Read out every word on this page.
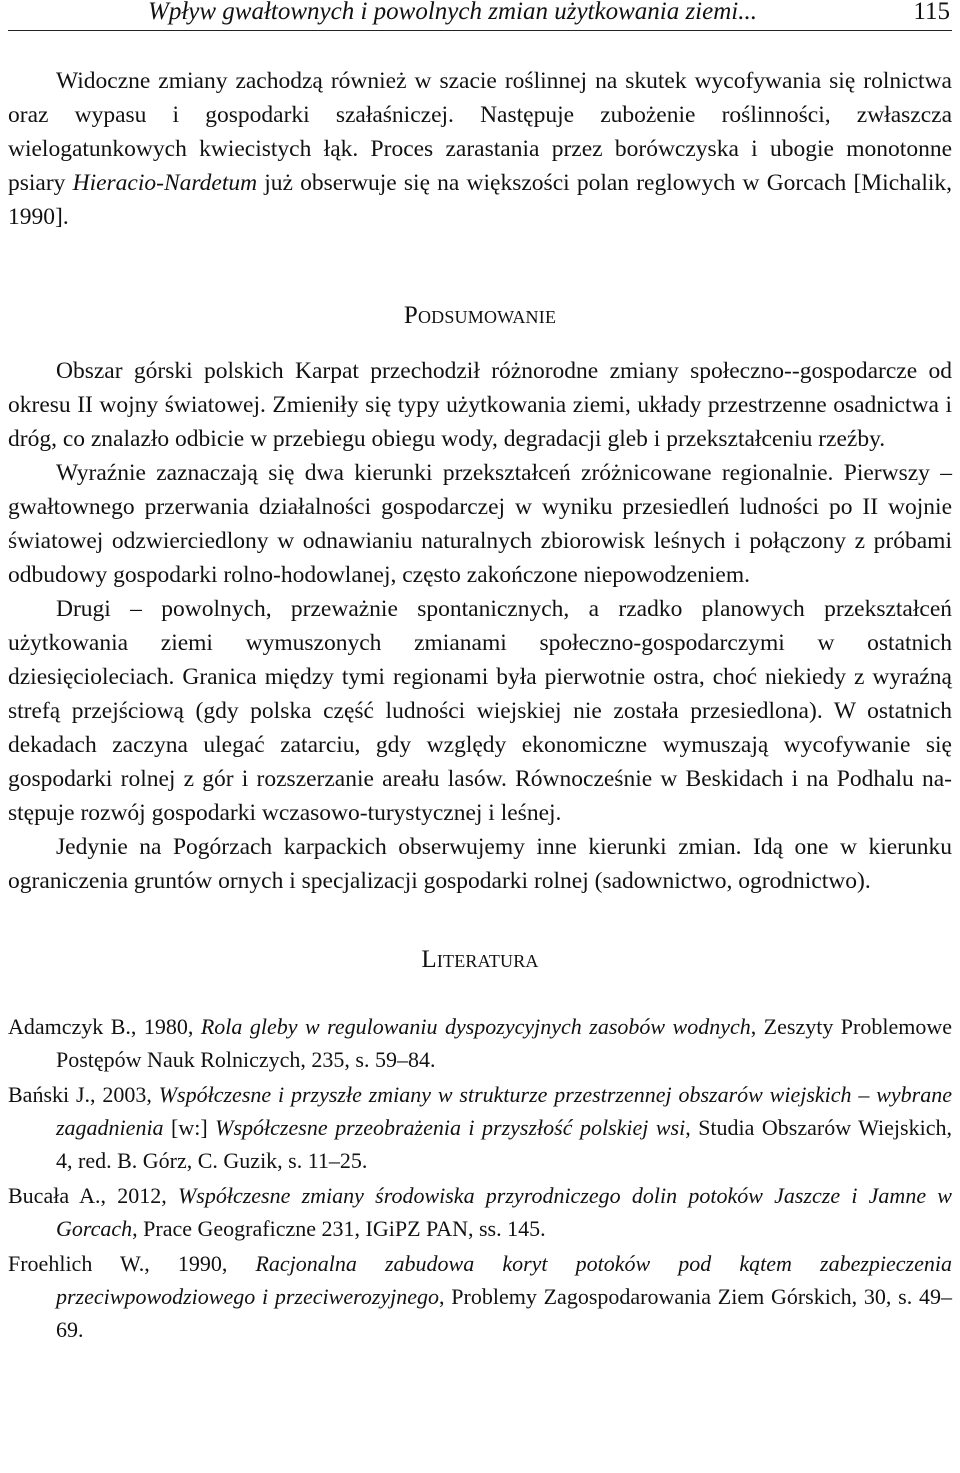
Wpływ gwałtownych i powolnych zmian użytkowania ziemi...	115

Widoczne zmiany zachodzą również w szacie roślinnej na skutek wycofywania się rolnictwa oraz wypasu i gospodarki szałaśniczej. Następuje zubożenie roślinności, zwłaszcza wielogatunkowych kwiecistych łąk. Proces zarastania przez borówczyska i ubogie monotonne psiary Hieracio-Nardetum już obserwuje się na większości polan reglowych w Gorcach [Michalik, 1990].

Podsumowanie

Obszar górski polskich Karpat przechodził różnorodne zmiany społeczno--gospodarcze od okresu II wojny światowej. Zmieniły się typy użytkowania ziemi, układy przestrzenne osadnictwa i dróg, co znalazło odbicie w przebiegu obiegu wody, degradacji gleb i przekształceniu rzeźby.

Wyraźnie zaznaczają się dwa kierunki przekształceń zróżnicowane regionalnie. Pierwszy – gwałtownego przerwania działalności gospodarczej w wyniku przesiedleń ludności po II wojnie światowej odzwierciedlony w odnawianiu naturalnych zbiorowisk leśnych i połączony z próbami odbudowy gospodarki rolno-hodowlanej, często zakończone niepowodzeniem.

Drugi – powolnych, przeważnie spontanicznych, a rzadko planowych przekształceń użytkowania ziemi wymuszonych zmianami społeczno-gospodarczymi w ostatnich dziesięcioleciach. Granica między tymi regionami była pierwotnie ostra, choć niekiedy z wyraźną strefą przejściową (gdy polska część ludności wiejskiej nie została przesiedlona). W ostatnich dekadach zaczyna ulegać zatarciu, gdy względy ekonomiczne wymuszają wycofywanie się gospodarki rolnej z gór i rozszerzanie areału lasów. Równocześnie w Beskidach i na Podhalu następuje rozwój gospodarki wczasowo-turystycznej i leśnej.

Jedynie na Pogórzach karpackich obserwujemy inne kierunki zmian. Idą one w kierunku ograniczenia gruntów ornych i specjalizacji gospodarki rolnej (sadownictwo, ogrodnictwo).

Literatura
Adamczyk B., 1980, Rola gleby w regulowaniu dyspozycyjnych zasobów wodnych, Zeszyty Problemowe Postępów Nauk Rolniczych, 235, s. 59–84.
Bański J., 2003, Współczesne i przyszłe zmiany w strukturze przestrzennej obszarów wiejskich – wybrane zagadnienia [w:] Współczesne przeobrażenia i przyszłość polskiej wsi, Studia Obszarów Wiejskich, 4, red. B. Górz, C. Guzik, s. 11–25.
Bucała A., 2012, Współczesne zmiany środowiska przyrodniczego dolin potoków Jaszcze i Jamne w Gorcach, Prace Geograficzne 231, IGiPZ PAN, ss. 145.
Froehlich W., 1990, Racjonalna zabudowa koryt potoków pod kątem zabezpieczenia przeciwpowodziowego i przeciwerozyjnego, Problemy Zagospodarowania Ziem Górskich, 30, s. 49–69.
